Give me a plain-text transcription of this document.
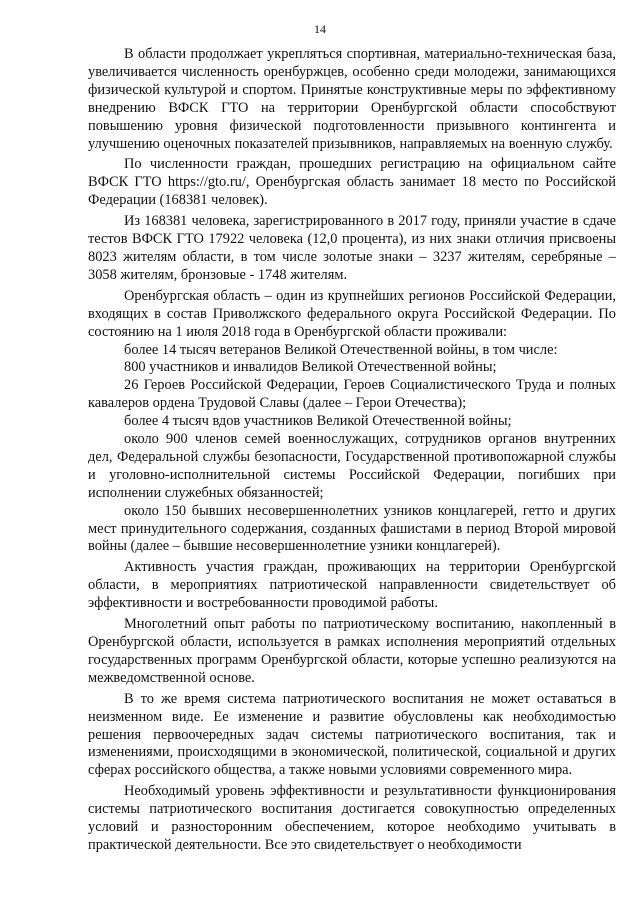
14

В области продолжает укрепляться спортивная, материально-техническая база, увеличивается численность оренбуржцев, особенно среди молодежи, занимающихся физической культурой и спортом. Принятые конструктивные меры по эффективному внедрению ВФСК ГТО на территории Оренбургской области способствуют повышению уровня физической подготовленности призывного контингента и улучшению оценочных показателей призывников, направляемых на военную службу.

По численности граждан, прошедших регистрацию на официальном сайте ВФСК ГТО https://gto.ru/, Оренбургская область занимает 18 место по Российской Федерации (168381 человек).

Из 168381 человека, зарегистрированного в 2017 году, приняли участие в сдаче тестов ВФСК ГТО 17922 человека (12,0 процента), из них знаки отличия присвоены 8023 жителям области, в том числе золотые знаки – 3237 жителям, серебряные – 3058 жителям, бронзовые - 1748 жителям.

Оренбургская область – один из крупнейших регионов Российской Федерации, входящих в состав Приволжского федерального округа Российской Федерации. По состоянию на 1 июля 2018 года в Оренбургской области проживали:

более 14 тысяч ветеранов Великой Отечественной войны, в том числе:

800 участников и инвалидов Великой Отечественной войны;

26 Героев Российской Федерации, Героев Социалистического Труда и полных кавалеров ордена Трудовой Славы (далее – Герои Отечества);

более 4 тысяч вдов участников Великой Отечественной войны;

около 900 членов семей военнослужащих, сотрудников органов внутренних дел, Федеральной службы безопасности, Государственной противопожарной службы и уголовно-исполнительной системы Российской Федерации, погибших при исполнении служебных обязанностей;

около 150 бывших несовершеннолетних узников концлагерей, гетто и других мест принудительного содержания, созданных фашистами в период Второй мировой войны (далее – бывшие несовершеннолетние узники концлагерей).

Активность участия граждан, проживающих на территории Оренбургской области, в мероприятиях патриотической направленности свидетельствует об эффективности и востребованности проводимой работы.

Многолетний опыт работы по патриотическому воспитанию, накопленный в Оренбургской области, используется в рамках исполнения мероприятий отдельных государственных программ Оренбургской области, которые успешно реализуются на межведомственной основе.

В то же время система патриотического воспитания не может оставаться в неизменном виде. Ее изменение и развитие обусловлены как необходимостью решения первоочередных задач системы патриотического воспитания, так и изменениями, происходящими в экономической, политической, социальной и других сферах российского общества, а также новыми условиями современного мира.

Необходимый уровень эффективности и результативности функционирования системы патриотического воспитания достигается совокупностью определенных условий и разносторонним обеспечением, которое необходимо учитывать в практической деятельности. Все это свидетельствует о необходимости
